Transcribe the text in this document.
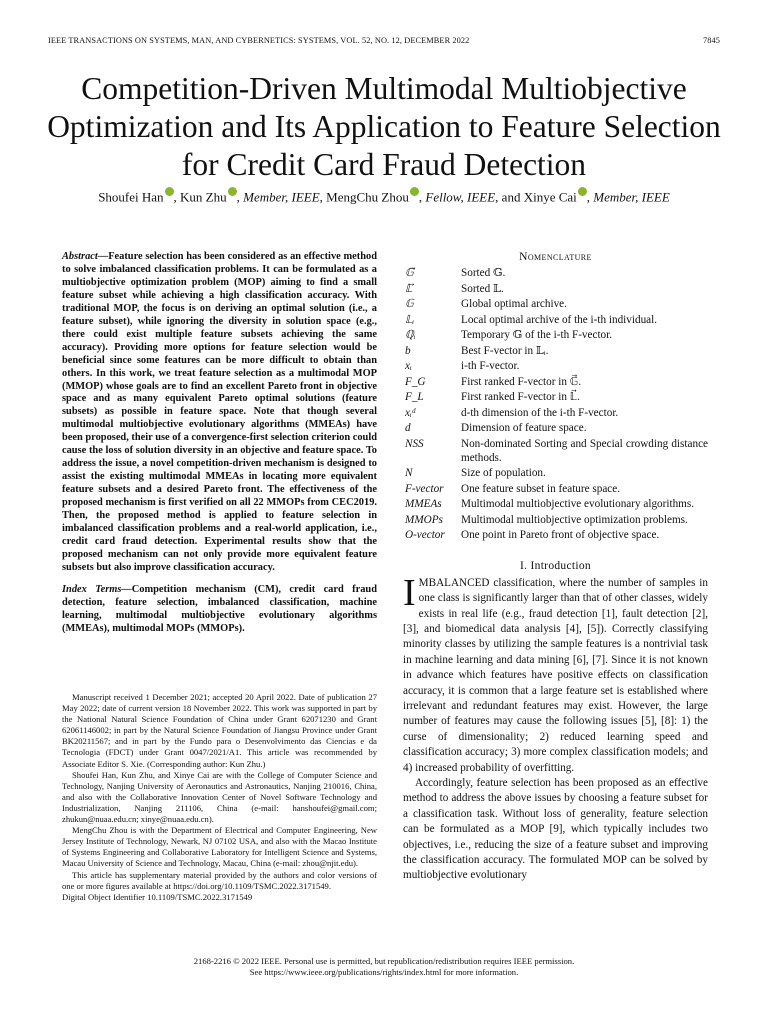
IEEE TRANSACTIONS ON SYSTEMS, MAN, AND CYBERNETICS: SYSTEMS, VOL. 52, NO. 12, DECEMBER 2022	7845
Competition-Driven Multimodal Multiobjective Optimization and Its Application to Feature Selection for Credit Card Fraud Detection
Shoufei Han , Kun Zhu , Member, IEEE, MengChu Zhou , Fellow, IEEE, and Xinye Cai , Member, IEEE

Abstract—Feature selection has been considered as an effective method to solve imbalanced classification problems. It can be formulated as a multiobjective optimization problem (MOP) aiming to find a small feature subset while achieving a high classification accuracy. With traditional MOP, the focus is on deriving an optimal solution (i.e., a feature subset), while ignoring the diversity in solution space (e.g., there could exist multiple feature subsets achieving the same accuracy). Providing more options for feature selection would be beneficial since some features can be more difficult to obtain than others. In this work, we treat feature selection as a multimodal MOP (MMOP) whose goals are to find an excellent Pareto front in objective space and as many equivalent Pareto optimal solutions (feature subsets) as possible in feature space. Note that though several multimodal multiobjective evolutionary algorithms (MMEAs) have been proposed, their use of a convergence-first selection criterion could cause the loss of solution diversity in an objective and feature space. To address the issue, a novel competition-driven mechanism is designed to assist the existing multimodal MMEAs in locating more equivalent feature subsets and a desired Pareto front. The effectiveness of the proposed mechanism is first verified on all 22 MMOPs from CEC2019. Then, the proposed method is applied to feature selection in imbalanced classification problems and a real-world application, i.e., credit card fraud detection. Experimental results show that the proposed mechanism can not only provide more equivalent feature subsets but also improve classification accuracy.

Index Terms—Competition mechanism (CM), credit card fraud detection, feature selection, imbalanced classification, machine learning, multimodal multiobjective evolutionary algorithms (MMEAs), multimodal MOPs (MMOPs).

Manuscript received 1 December 2021; accepted 20 April 2022. Date of publication 27 May 2022; date of current version 18 November 2022. This work was supported in part by the National Natural Science Foundation of China under Grant 62071230 and Grant 62061146002; in part by the Natural Science Foundation of Jiangsu Province under Grant BK20211567; and in part by the Fundo para o Desenvolvimento das Ciencias e da Tecnologia (FDCT) under Grant 0047/2021/A1. This article was recommended by Associate Editor S. Xie. (Corresponding author: Kun Zhu.)

Shoufei Han, Kun Zhu, and Xinye Cai are with the College of Computer Science and Technology, Nanjing University of Aeronautics and Astronautics, Nanjing 210016, China, and also with the Collaborative Innovation Center of Novel Software Technology and Industrialization, Nanjing 211106, China (e-mail: hanshoufei@gmail.com; zhukun@nuaa.edu.cn; xinye@nuaa.edu.cn).

MengChu Zhou is with the Department of Electrical and Computer Engineering, New Jersey Institute of Technology, Newark, NJ 07102 USA, and also with the Macao Institute of Systems Engineering and Collaborative Laboratory for Intelligent Science and Systems, Macau University of Science and Technology, Macau, China (e-mail: zhou@njit.edu).

This article has supplementary material provided by the authors and color versions of one or more figures available at https://doi.org/10.1109/TSMC.2022.3171549.

Digital Object Identifier 10.1109/TSMC.2022.3171549

Nomenclature
𝔾⃗	Sorted 𝔾.
𝕃⃗	Sorted 𝕃.
𝔾	Global optimal archive.
𝕃ᵢ	Local optimal archive of the i-th individual.
ℚᵢ	Temporary 𝔾 of the i-th F-vector.
b	Best F-vector in 𝕃ᵢ.
xᵢ	i-th F-vector.
F_G	First ranked F-vector in 𝔾⃗.
F_L	First ranked F-vector in 𝕃⃗.
xᵢᵈ	d-th dimension of the i-th F-vector.
d	Dimension of feature space.
NSS	Non-dominated Sorting and Special crowding distance methods.
N	Size of population.
F-vector	One feature subset in feature space.
MMEAs	Multimodal multiobjective evolutionary algorithms.
MMOPs	Multimodal multiobjective optimization problems.
O-vector	One point in Pareto front of objective space.
I. Introduction

IMBALANCED classification, where the number of samples in one class is significantly larger than that of other classes, widely exists in real life (e.g., fraud detection [1], fault detection [2], [3], and biomedical data analysis [4], [5]). Correctly classifying minority classes by utilizing the sample features is a nontrivial task in machine learning and data mining [6], [7]. Since it is not known in advance which features have positive effects on classification accuracy, it is common that a large feature set is established where irrelevant and redundant features may exist. However, the large number of features may cause the following issues [5], [8]: 1) the curse of dimensionality; 2) reduced learning speed and classification accuracy; 3) more complex classification models; and 4) increased probability of overfitting.

Accordingly, feature selection has been proposed as an effective method to address the above issues by choosing a feature subset for a classification task. Without loss of generality, feature selection can be formulated as a MOP [9], which typically includes two objectives, i.e., reducing the size of a feature subset and improving the classification accuracy. The formulated MOP can be solved by multiobjective evolutionary

2168-2216 © 2022 IEEE. Personal use is permitted, but republication/redistribution requires IEEE permission.
See https://www.ieee.org/publications/rights/index.html for more information.
